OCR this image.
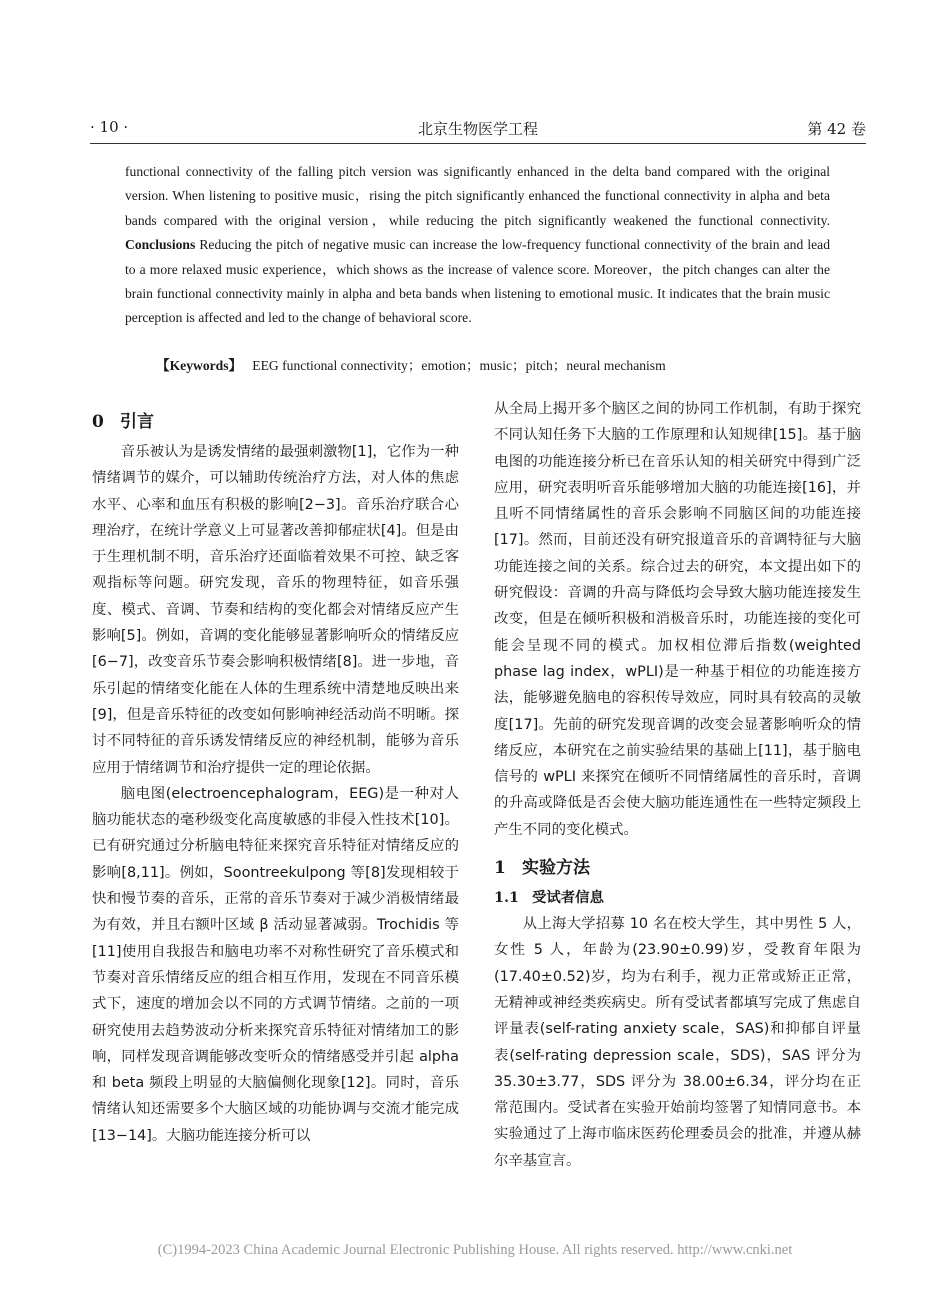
· 10 ·	北京生物医学工程	第 42 卷

functional connectivity of the falling pitch version was significantly enhanced in the delta band compared with the original version. When listening to positive music，rising the pitch significantly enhanced the functional connectivity in alpha and beta bands compared with the original version，while reducing the pitch significantly weakened the functional connectivity. Conclusions Reducing the pitch of negative music can increase the low-frequency functional connectivity of the brain and lead to a more relaxed music experience，which shows as the increase of valence score. Moreover，the pitch changes can alter the brain functional connectivity mainly in alpha and beta bands when listening to emotional music. It indicates that the brain music perception is affected and led to the change of behavioral score.

【Keywords】 EEG functional connectivity；emotion；music；pitch；neural mechanism
0 引言

音乐被认为是诱发情绪的最强刺激物[1]，它作为一种情绪调节的媒介，可以辅助传统治疗方法，对人体的焦虑水平、心率和血压有积极的影响[2−3]。音乐治疗联合心理治疗，在统计学意义上可显著改善抑郁症状[4]。但是由于生理机制不明，音乐治疗还面临着效果不可控、缺乏客观指标等问题。研究发现，音乐的物理特征，如音乐强度、模式、音调、节奏和结构的变化都会对情绪反应产生影响[5]。例如，音调的变化能够显著影响听众的情绪反应[6−7]，改变音乐节奏会影响积极情绪[8]。进一步地，音乐引起的情绪变化能在人体的生理系统中清楚地反映出来[9]，但是音乐特征的改变如何影响神经活动尚不明晰。探讨不同特征的音乐诱发情绪反应的神经机制，能够为音乐应用于情绪调节和治疗提供一定的理论依据。

脑电图(electroencephalogram，EEG)是一种对人脑功能状态的毫秒级变化高度敏感的非侵入性技术[10]。已有研究通过分析脑电特征来探究音乐特征对情绪反应的影响[8,11]。例如，Soontreekulpong 等[8]发现相较于快和慢节奏的音乐，正常的音乐节奏对于减少消极情绪最为有效，并且右额叶区域 β 活动显著减弱。Trochidis 等[11]使用自我报告和脑电功率不对称性研究了音乐模式和节奏对音乐情绪反应的组合相互作用，发现在不同音乐模式下，速度的增加会以不同的方式调节情绪。之前的一项研究使用去趋势波动分析来探究音乐特征对情绪加工的影响，同样发现音调能够改变听众的情绪感受并引起 alpha 和 beta 频段上明显的大脑偏侧化现象[12]。同时，音乐情绪认知还需要多个大脑区域的功能协调与交流才能完成[13−14]。大脑功能连接分析可以

从全局上揭开多个脑区之间的协同工作机制，有助于探究不同认知任务下大脑的工作原理和认知规律[15]。基于脑电图的功能连接分析已在音乐认知的相关研究中得到广泛应用，研究表明听音乐能够增加大脑的功能连接[16]，并且听不同情绪属性的音乐会影响不同脑区间的功能连接[17]。然而，目前还没有研究报道音乐的音调特征与大脑功能连接之间的关系。综合过去的研究，本文提出如下的研究假设：音调的升高与降低均会导致大脑功能连接发生改变，但是在倾听积极和消极音乐时，功能连接的变化可能会呈现不同的模式。加权相位滞后指数(weighted phase lag index，wPLI)是一种基于相位的功能连接方法，能够避免脑电的容积传导效应，同时具有较高的灵敏度[17]。先前的研究发现音调的改变会显著影响听众的情绪反应，本研究在之前实验结果的基础上[11]，基于脑电信号的 wPLI 来探究在倾听不同情绪属性的音乐时，音调的升高或降低是否会使大脑功能连通性在一些特定频段上产生不同的变化模式。

1 实验方法
1.1 受试者信息

从上海大学招募 10 名在校大学生，其中男性 5 人，女性 5 人，年龄为(23.90±0.99)岁，受教育年限为(17.40±0.52)岁，均为右利手，视力正常或矫正正常，无精神或神经类疾病史。所有受试者都填写完成了焦虑自评量表(self-rating anxiety scale，SAS)和抑郁自评量表(self-rating depression scale，SDS)，SAS 评分为 35.30±3.77，SDS 评分为 38.00±6.34，评分均在正常范围内。受试者在实验开始前均签署了知情同意书。本实验通过了上海市临床医药伦理委员会的批准，并遵从赫尔辛基宣言。

(C)1994-2023 China Academic Journal Electronic Publishing House. All rights reserved. http://www.cnki.net
